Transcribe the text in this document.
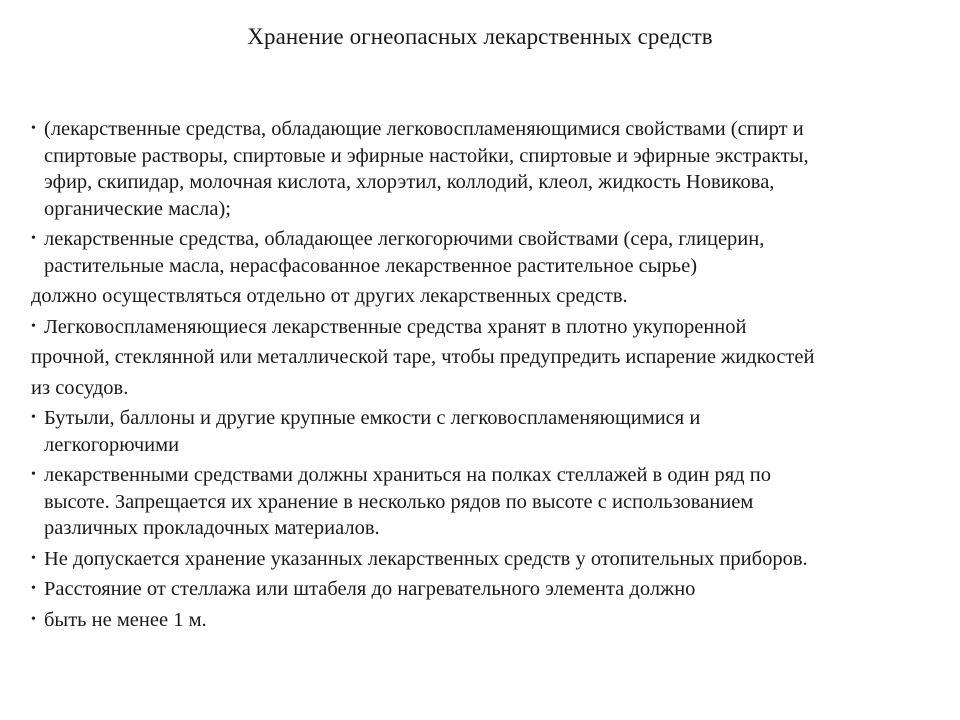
Хранение огнеопасных лекарственных средств
• (лекарственные средства, обладающие легковоспламеняющимися свойствами (спирт и
спиртовые растворы, спиртовые и эфирные настойки, спиртовые и эфирные экстракты,
эфир, скипидар, молочная кислота, хлорэтил, коллодий, клеол, жидкость Новикова,
органические масла);
• лекарственные средства, обладающее легкогорючими свойствами (сера, глицерин,
растительные масла, нерасфасованное лекарственное растительное сырье)
должно осуществляться отдельно от других лекарственных средств.
• Легковоспламеняющиеся лекарственные средства хранят в плотно укупоренной
прочной, стеклянной или металлической таре, чтобы предупредить испарение жидкостей
из сосудов.
• Бутыли, баллоны и другие крупные емкости с легковоспламеняющимися и
легкогорючими
• лекарственными средствами должны храниться на полках стеллажей в один ряд по
высоте. Запрещается их хранение в несколько рядов по высоте с использованием
различных прокладочных материалов.
• Не допускается хранение указанных лекарственных средств у отопительных приборов.
• Расстояние от стеллажа или штабеля до нагревательного элемента должно
• быть не менее 1 м.
